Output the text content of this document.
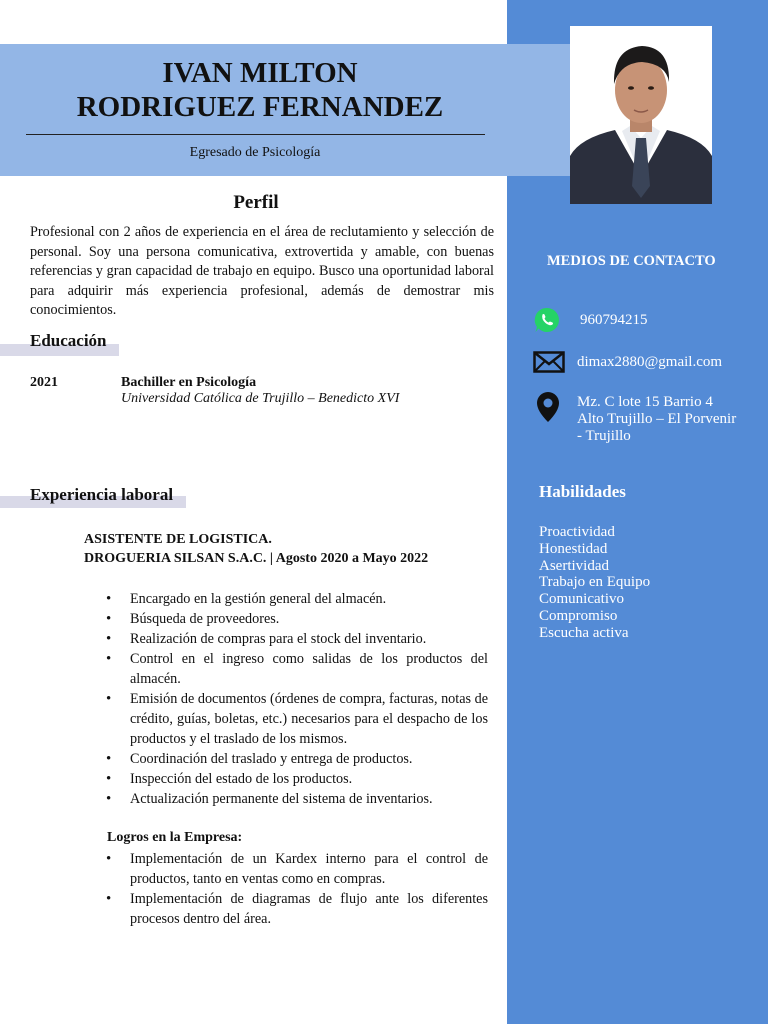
IVAN MILTON
RODRIGUEZ FERNANDEZ
Egresado de Psicología
Perfil

Profesional con 2 años de experiencia en el área de reclutamiento y selección de personal. Soy una persona comunicativa, extrovertida y amable, con buenas referencias y gran capacidad de trabajo en equipo. Busco una oportunidad laboral para adquirir más experiencia profesional, además de demostrar mis conocimientos.

Educación
2021	Bachiller en Psicología
Universidad Católica de Trujillo – Benedicto XVI
Experiencia laboral
ASISTENTE DE LOGISTICA.
DROGUERIA SILSAN S.A.C. | Agosto 2020 a Mayo 2022
• Encargado en la gestión general del almacén.
• Búsqueda de proveedores.
• Realización de compras para el stock del inventario.
• Control en el ingreso como salidas de los productos del almacén.
• Emisión de documentos (órdenes de compra, facturas, notas de crédito, guías, boletas, etc.) necesarios para el despacho de los productos y el traslado de los mismos.
• Coordinación del traslado y entrega de productos.
• Inspección del estado de los productos.
• Actualización permanente del sistema de inventarios.
Logros en la Empresa:
• Implementación de un Kardex interno para el control de productos, tanto en ventas como en compras.
• Implementación de diagramas de flujo ante los diferentes procesos dentro del área.
MEDIOS DE CONTACTO
960794215
dimax2880@gmail.com
Mz. C lote 15 Barrio 4
Alto Trujillo – El Porvenir
- Trujillo
Habilidades
Proactividad
Honestidad
Asertividad
Trabajo en Equipo
Comunicativo
Compromiso
Escucha activa
